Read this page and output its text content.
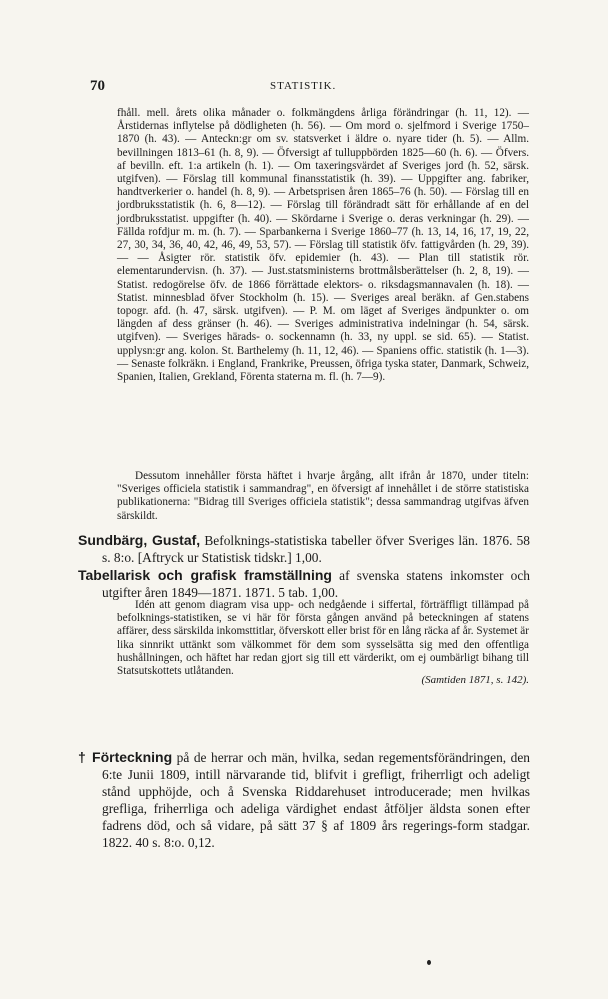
70	STATISTIK.

fhåll. mell. årets olika månader o. folkmängdens årliga förändringar (h. 11, 12). — Årstidernas inflytelse på dödligheten (h. 56). — Om mord o. sjelfmord i Sverige 1750–1870 (h. 43). — Anteckn:gr om sv. statsverket i äldre o. nyare tider (h. 5). — Allm. bevillningen 1813–61 (h. 8, 9). — Öfversigt af tulluppbörden 1825—60 (h. 6). — Öfvers. af bevilln. eft. 1:a artikeln (h. 1). — Om taxeringsvärdet af Sveriges jord (h. 52, särsk. utgifven). — Förslag till kommunal finansstatistik (h. 39). — Uppgifter ang. fabriker, handtverkerier o. handel (h. 8, 9). — Arbetsprisen åren 1865–76 (h. 50). — Förslag till en jordbruksstatistik (h. 6, 8—12). — Förslag till förändradt sätt för erhållande af en del jordbruksstatist. uppgifter (h. 40). — Skördarne i Sverige o. deras verkningar (h. 29). — Fällda rofdjur m. m. (h. 7). — Sparbankerna i Sverige 1860–77 (h. 13, 14, 16, 17, 19, 22, 27, 30, 34, 36, 40, 42, 46, 49, 53, 57). — Förslag till statistik öfv. fattigvården (h. 29, 39). — — Åsigter rör. statistik öfv. epidemier (h. 43). — Plan till statistik rör. elementarundervisn. (h. 37). — Just.statsministerns brottmålsberättelser (h. 2, 8, 19). — Statist. redogörelse öfv. de 1866 förrättade elektors- o. riksdagsmannavalen (h. 18). — Statist. minnesblad öfver Stockholm (h. 15). — Sveriges areal beräkn. af Gen.stabens topogr. afd. (h. 47, särsk. utgifven). — P. M. om läget af Sveriges ändpunkter o. om längden af dess gränser (h. 46). — Sveriges administrativa indelningar (h. 54, särsk. utgifven). — Sveriges härads- o. sockennamn (h. 33, ny uppl. se sid. 65). — Statist. upplysn:gr ang. kolon. St. Barthelemy (h. 11, 12, 46). — Spaniens offic. statistik (h. 1—3). — Senaste folkräkn. i England, Frankrike, Preussen, öfriga tyska stater, Danmark, Schweiz, Spanien, Italien, Grekland, Förenta staterna m. fl. (h. 7—9).

Dessutom innehåller första häftet i hvarje årgång, allt ifrån år 1870, under titeln: "Sveriges officiela statistik i sammandrag", en öfversigt af innehållet i de större statistiska publikationerna: "Bidrag till Sveriges officiela statistik"; dessa sammandrag utgifvas äfven särskildt.

Sundbärg, Gustaf, Befolknings-statistiska tabeller öfver Sveriges län. 1876. 58 s. 8:o. [Aftryck ur Statistisk tidskr.] 1,00.

Tabellarisk och grafisk framställning af svenska statens inkomster och utgifter åren 1849—1871. 1871. 5 tab. 1,00.

Idén att genom diagram visa upp- och nedgående i siffertal, förträffligt tillämpad på befolknings-statistiken, se vi här för första gången använd på beteckningen af statens affärer, dess särskilda inkomsttitlar, öfverskott eller brist för en lång räcka af år. Systemet är lika sinnrikt uttänkt som välkommet för dem som sysselsätta sig med den offentliga hushållningen, och häftet har redan gjort sig till ett värderikt, om ej oumbärligt bihang till Statsutskottets utlåtanden.

(Samtiden 1871, s. 142).

† Förteckning på de herrar och män, hvilka, sedan regementsförändringen, den 6:te Junii 1809, intill närvarande tid, blifvit i grefligt, friherrligt och adeligt stånd upphöjde, och å Svenska Riddarehuset introducerade; men hvilkas grefliga, friherrliga och adeliga värdighet endast åtföljer äldsta sonen efter fadrens död, och så vidare, på sätt 37 § af 1809 års regerings-form stadgar. 1822. 40 s. 8:o. 0,12.
